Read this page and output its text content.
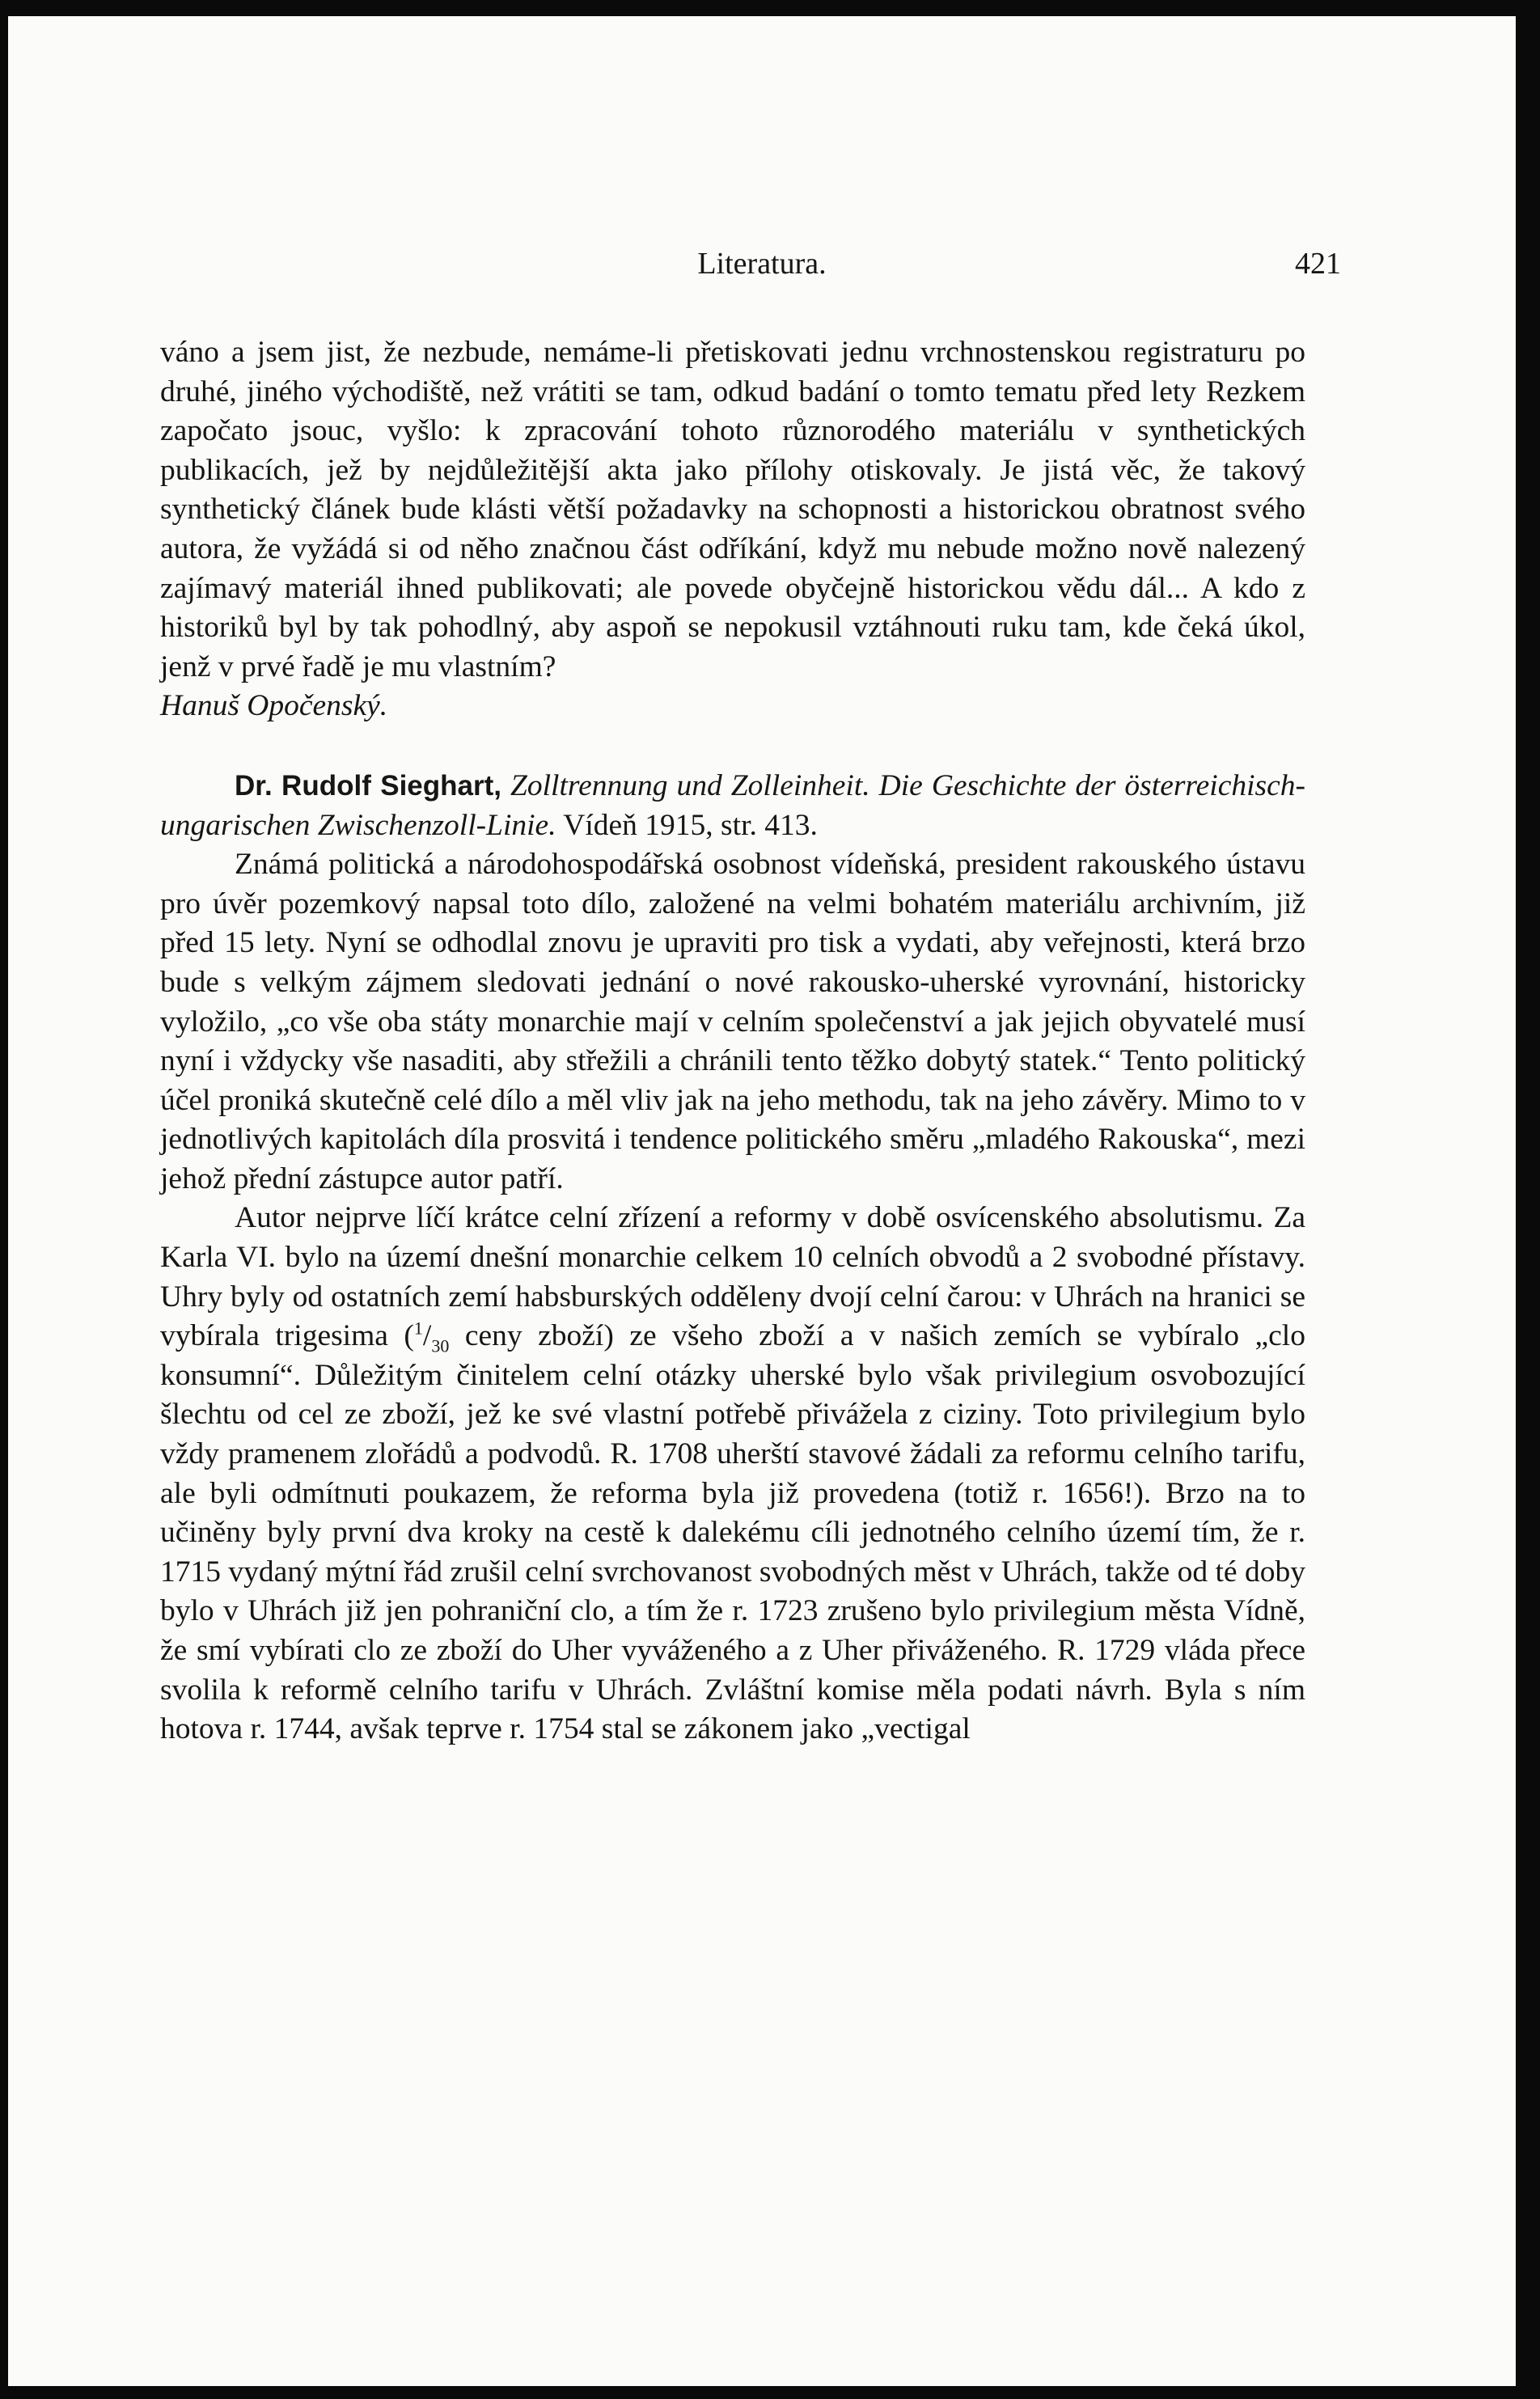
Literatura.	421

váno a jsem jist, že nezbude, nemáme-li přetiskovati jednu vrchnostenskou registraturu po druhé, jiného východiště, než vrátiti se tam, odkud badání o tomto tematu před lety Rezkem započato jsouc, vyšlo: k zpracování tohoto různorodého materiálu v synthetických publikacích, jež by nejdůležitější akta jako přílohy otiskovaly. Je jistá věc, že takový synthetický článek bude klásti větší požadavky na schopnosti a historickou obratnost svého autora, že vyžádá si od něho značnou část odříkání, když mu nebude možno nově nalezený zajímavý materiál ihned publikovati; ale povede obyčejně historickou vědu dál... A kdo z historiků byl by tak pohodlný, aby aspoň se nepokusil vztáhnouti ruku tam, kde čeká úkol, jenž v prvé řadě je mu vlastním?

Hanuš Opočenský.

Dr. Rudolf Sieghart, Zolltrennung und Zolleinheit. Die Geschichte der österreichisch-ungarischen Zwischenzoll-Linie. Vídeň 1915, str. 413.

Známá politická a národohospodářská osobnost vídeňská, president rakouského ústavu pro úvěr pozemkový napsal toto dílo, založené na velmi bohatém materiálu archivním, již před 15 lety. Nyní se odhodlal znovu je upraviti pro tisk a vydati, aby veřejnosti, která brzo bude s velkým zájmem sledovati jednání o nové rakousko-uherské vyrovnání, historicky vyložilo, „co vše oba státy monarchie mají v celním společenství a jak jejich obyvatelé musí nyní i vždycky vše nasaditi, aby střežili a chránili tento těžko dobytý statek.“ Tento politický účel proniká skutečně celé dílo a měl vliv jak na jeho methodu, tak na jeho závěry. Mimo to v jednotlivých kapitolách díla prosvitá i tendence politického směru „mladého Rakouska“, mezi jehož přední zástupce autor patří.

Autor nejprve líčí krátce celní zřízení a reformy v době osvícenského absolutismu. Za Karla VI. bylo na území dnešní monarchie celkem 10 celních obvodů a 2 svobodné přístavy. Uhry byly od ostatních zemí habsburských odděleny dvojí celní čarou: v Uhrách na hranici se vybírala trigesima ($^1/_{30}$ ceny zboží) ze všeho zboží a v našich zemích se vybíralo „clo konsumní“. Důležitým činitelem celní otázky uherské bylo však privilegium osvobozující šlechtu od cel ze zboží, jež ke své vlastní potřebě přivážela z ciziny. Toto privilegium bylo vždy pramenem zlořádů a podvodů. R. 1708 uherští stavové žádali za reformu celního tarifu, ale byli odmítnuti poukazem, že reforma byla již provedena (totiž r. 1656!). Brzo na to učiněny byly první dva kroky na cestě k dalekému cíli jednotného celního území tím, že r. 1715 vydaný mýtní řád zrušil celní svrchovanost svobodných měst v Uhrách, takže od té doby bylo v Uhrách již jen pohraniční clo, a tím že r. 1723 zrušeno bylo privilegium města Vídně, že smí vybírati clo ze zboží do Uher vyváženého a z Uher přiváženého. R. 1729 vláda přece svolila k reformě celního tarifu v Uhrách. Zvláštní komise měla podati návrh. Byla s ním hotova r. 1744, avšak teprve r. 1754 stal se zákonem jako „vectigal
